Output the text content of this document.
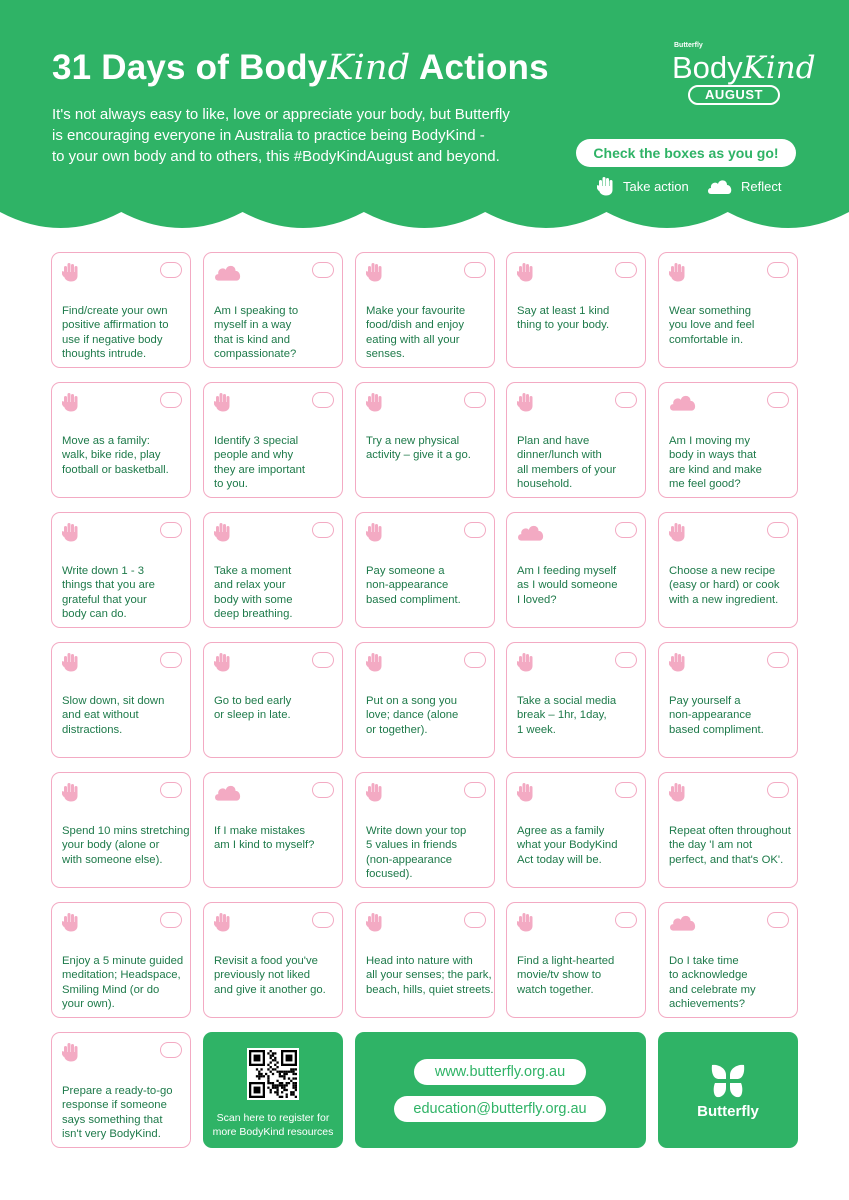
31 Days of BodyKind Actions

It's not always easy to like, love or appreciate your body, but Butterfly

is encouraging everyone in Australia to practice being BodyKind -

to your own body and to others, this #BodyKindAugust and beyond.

Butterfly
BodyKind
AUGUST
Check the boxes as you go!
Take action	Reflect
Find/create your own
positive affirmation to
use if negative body
thoughts intrude.
Am I speaking to
myself in a way
that is kind and
compassionate?
Make your favourite
food/dish and enjoy
eating with all your
senses.
Say at least 1 kind
thing to your body.
Wear something
you love and feel
comfortable in.
Move as a family:
walk, bike ride, play
football or basketball.
Identify 3 special
people and why
they are important
to you.
Try a new physical
activity – give it a go.
Plan and have
dinner/lunch with
all members of your
household.
Am I moving my
body in ways that
are kind and make
me feel good?
Write down 1 - 3
things that you are
grateful that your
body can do.
Take a moment
and relax your
body with some
deep breathing.
Pay someone a
non-appearance
based compliment.
Am I feeding myself
as I would someone
I loved?
Choose a new recipe
(easy or hard) or cook
with a new ingredient.
Slow down, sit down
and eat without
distractions.
Go to bed early
or sleep in late.
Put on a song you
love; dance (alone
or together).
Take a social media
break – 1hr, 1day,
1 week.
Pay yourself a
non-appearance
based compliment.
Spend 10 mins stretching
your body (alone or
with someone else).
If I make mistakes
am I kind to myself?
Write down your top
5 values in friends
(non-appearance
focused).
Agree as a family
what your BodyKind
Act today will be.
Repeat often throughout
the day 'I am not
perfect, and that's OK'.
Enjoy a 5 minute guided
meditation; Headspace,
Smiling Mind (or do
your own).
Revisit a food you've
previously not liked
and give it another go.
Head into nature with
all your senses; the park,
beach, hills, quiet streets.
Find a light-hearted
movie/tv show to
watch together.
Do I take time
to acknowledge
and celebrate my
achievements?
Prepare a ready-to-go
response if someone
says something that
isn't very BodyKind.
Scan here to register for
more BodyKind resources
www.butterfly.org.au
education@butterfly.org.au	Butterfly
